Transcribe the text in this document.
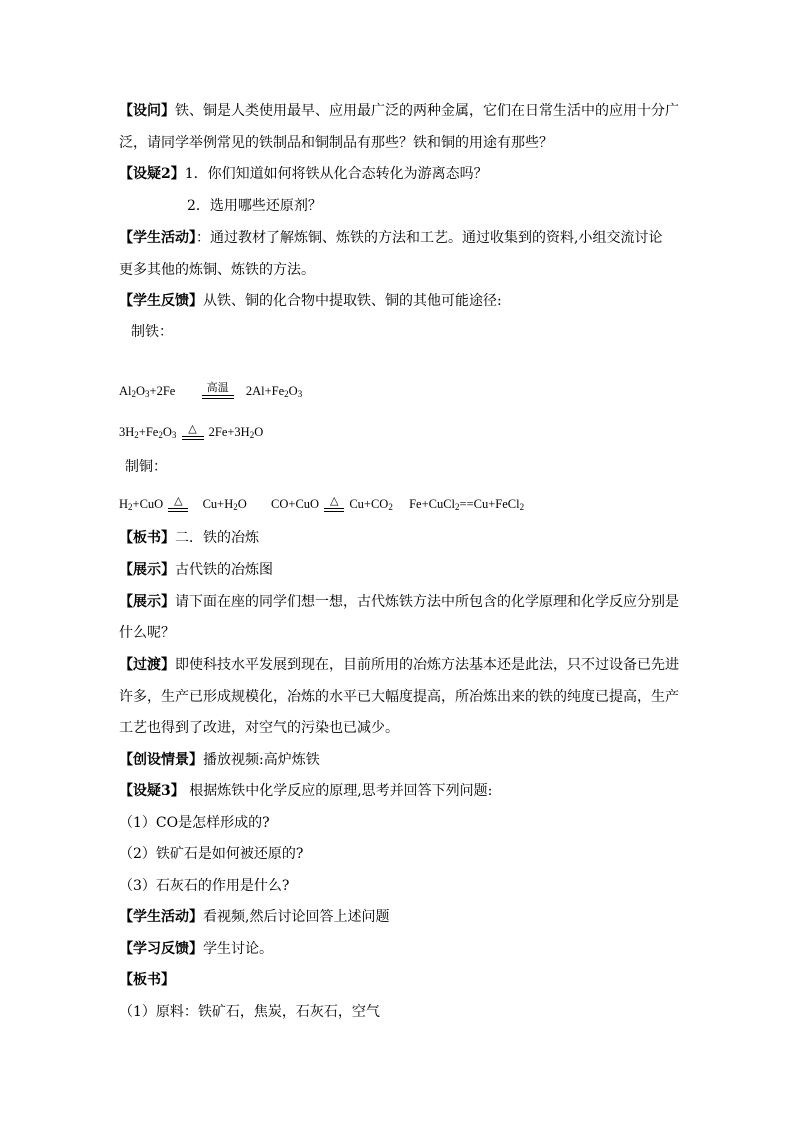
【设问】铁、铜是人类使用最早、应用最广泛的两种金属，它们在日常生活中的应用十分广
泛，请同学举例常见的铁制品和铜制品有那些？铁和铜的用途有那些？
【设疑2】1．你们知道如何将铁从化合态转化为游离态吗？
2．选用哪些还原剂？
【学生活动】：通过教材了解炼铜、炼铁的方法和工艺。通过收集到的资料,小组交流讨论
更多其他的炼铜、炼铁的方法。
【学生反馈】从铁、铜的化合物中提取铁、铜的其他可能途径:
制铁：
$Al_2O_3+2Fe$	高温	$2Al+Fe_2O_3$
$3H_2+Fe_2O_3$	△ $2Fe+3H_2O$
制铜：
$H_2+CuO$ △	$Cu+H_2O$ CO+CuO △ $Cu+CO_2$ Fe+CuCl$_2$==Cu+FeCl$_2$
【板书】二．铁的冶炼
【展示】古代铁的冶炼图
【展示】请下面在座的同学们想一想，古代炼铁方法中所包含的化学原理和化学反应分别是
什么呢？
【过渡】即使科技水平发展到现在，目前所用的冶炼方法基本还是此法，只不过设备已先进
许多，生产已形成规模化，冶炼的水平已大幅度提高，所冶炼出来的铁的纯度已提高，生产
工艺也得到了改进，对空气的污染也已减少。
【创设情景】播放视频:高炉炼铁
【设疑3】 根据炼铁中化学反应的原理,思考并回答下列问题:
（1）CO是怎样形成的?
（2）铁矿石是如何被还原的?
（3）石灰石的作用是什么?
【学生活动】看视频,然后讨论回答上述问题
【学习反馈】学生讨论。
【板书】
（1）原料：铁矿石，焦炭，石灰石，空气
